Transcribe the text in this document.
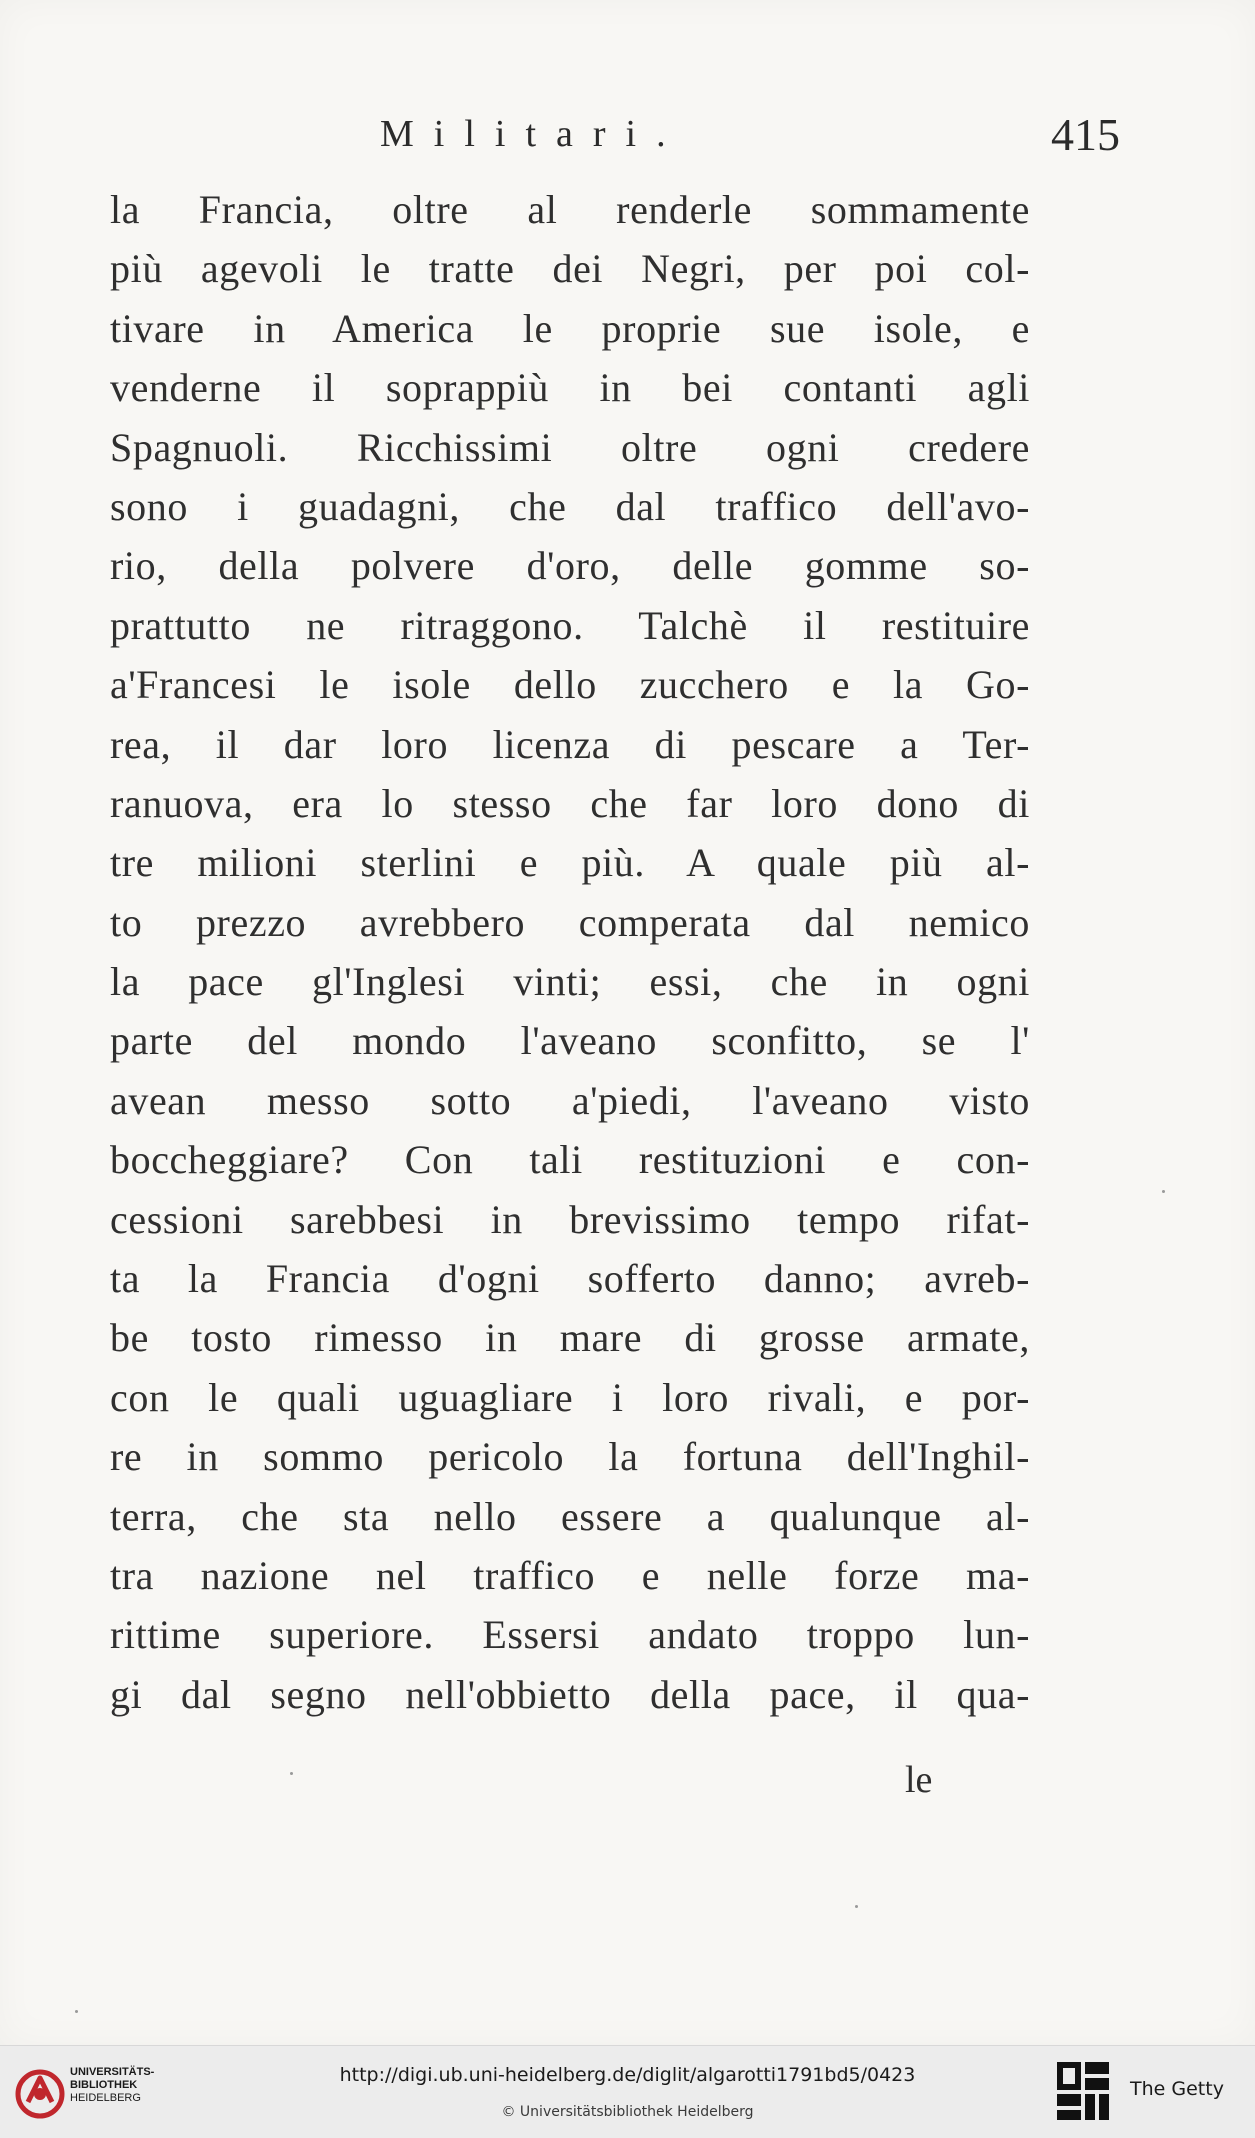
Militari.	415
la Francia, oltre al renderle sommamente
più agevoli le tratte dei Negri, per poi col-
tivare in America le proprie sue isole, e
venderne il soprappiù in bei contanti agli
Spagnuoli. Ricchissimi oltre ogni credere
sono i guadagni, che dal traffico dell'avo-
rio, della polvere d'oro, delle gomme so-
prattutto ne ritraggono. Talchè il restituire
a'Francesi le isole dello zucchero e la Go-
rea, il dar loro licenza di pescare a Ter-
ranuova, era lo stesso che far loro dono di
tre milioni sterlini e più. A quale più al-
to prezzo avrebbero comperata dal nemico
la pace gl'Inglesi vinti; essi, che in ogni
parte del mondo l'aveano sconfitto, se l'
avean messo sotto a'piedi, l'aveano visto
boccheggiare? Con tali restituzioni e con-
cessioni sarebbesi in brevissimo tempo rifat-
ta la Francia d'ogni sofferto danno; avreb-
be tosto rimesso in mare di grosse armate,
con le quali uguagliare i loro rivali, e por-
re in sommo pericolo la fortuna dell'Inghil-
terra, che sta nello essere a qualunque al-
tra nazione nel traffico e nelle forze ma-
rittime superiore. Essersi andato troppo lun-
gi dal segno nell'obbietto della pace, il qua-
le
UNIVERSITÄTS-
BIBLIOTHEK
HEIDELBERG
http://digi.ub.uni-heidelberg.de/diglit/algarotti1791bd5/0423
© Universitätsbibliothek Heidelberg
The Getty
